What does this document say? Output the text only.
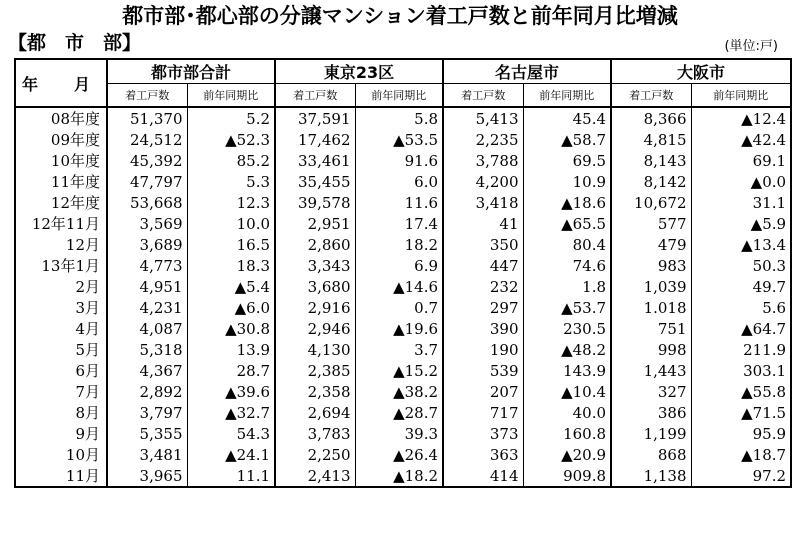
都市部･都心部の分譲マンション着工戸数と前年同月比増減
【都　市　部】	(単位:戸)
年　月	都市部合計		東京23区		名古屋市		大阪市	
	着工戸数	前年同期比	着工戸数	前年同期比	着工戸数	前年同期比	着工戸数	前年同期比
08年度	51,370	5.2	37,591	5.8	5,413	45.4	8,366	▲12.4
09年度	24,512	▲52.3	17,462	▲53.5	2,235	▲58.7	4,815	▲42.4
10年度	45,392	85.2	33,461	91.6	3,788	69.5	8,143	69.1
11年度	47,797	5.3	35,455	6.0	4,200	10.9	8,142	▲0.0
12年度	53,668	12.3	39,578	11.6	3,418	▲18.6	10,672	31.1
12年11月	3,569	10.0	2,951	17.4	41	▲65.5	577	▲5.9
12月	3,689	16.5	2,860	18.2	350	80.4	479	▲13.4
13年1月	4,773	18.3	3,343	6.9	447	74.6	983	50.3
2月	4,951	▲5.4	3,680	▲14.6	232	1.8	1,039	49.7
3月	4,231	▲6.0	2,916	0.7	297	▲53.7	1.018	5.6
4月	4,087	▲30.8	2,946	▲19.6	390	230.5	751	▲64.7
5月	5,318	13.9	4,130	3.7	190	▲48.2	998	211.9
6月	4,367	28.7	2,385	▲15.2	539	143.9	1,443	303.1
7月	2,892	▲39.6	2,358	▲38.2	207	▲10.4	327	▲55.8
8月	3,797	▲32.7	2,694	▲28.7	717	40.0	386	▲71.5
9月	5,355	54.3	3,783	39.3	373	160.8	1,199	95.9
10月	3,481	▲24.1	2,250	▲26.4	363	▲20.9	868	▲18.7
11月	3,965	11.1	2,413	▲18.2	414	909.8	1,138	97.2
